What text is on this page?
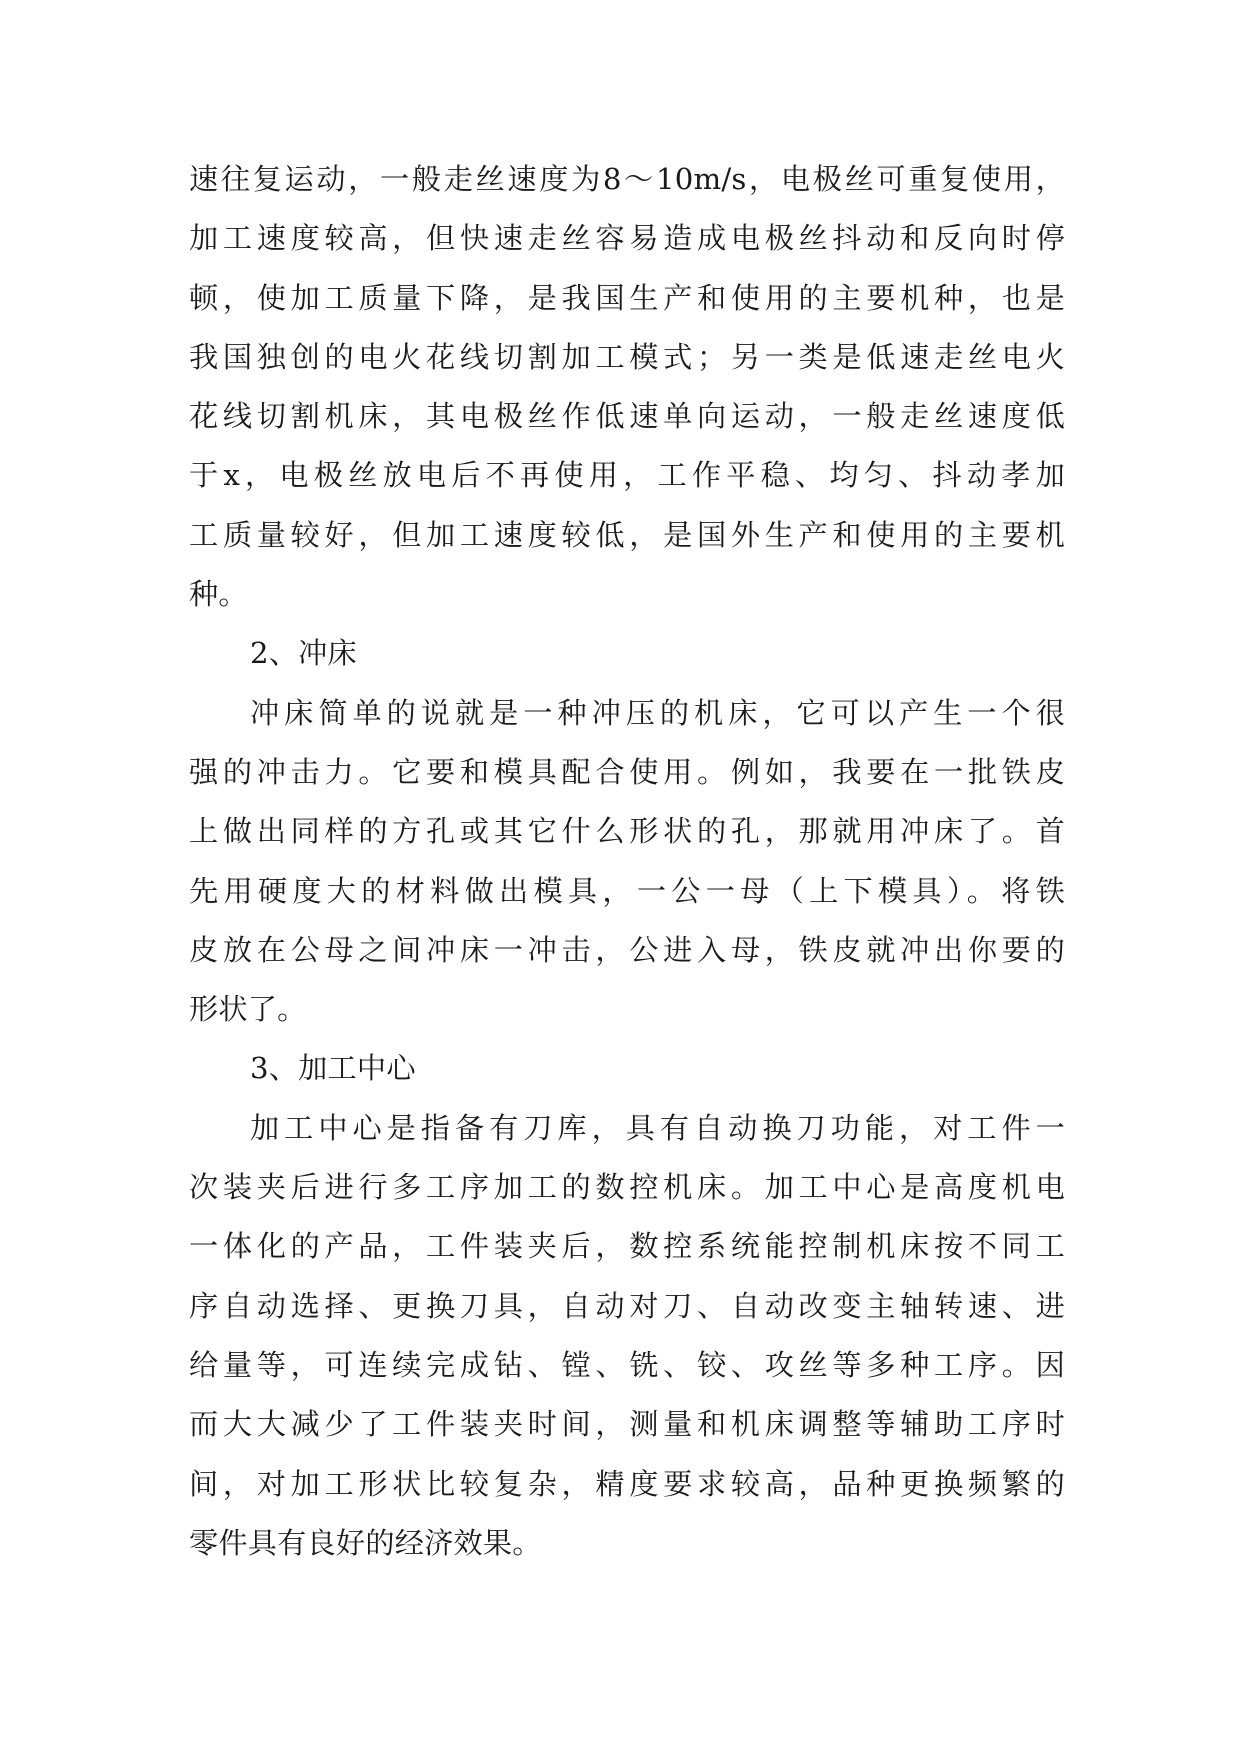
速往复运动，一般走丝速度为8～10m/s，电极丝可重复使用，
加工速度较高，但快速走丝容易造成电极丝抖动和反向时停
顿，使加工质量下降，是我国生产和使用的主要机种，也是
我国独创的电火花线切割加工模式；另一类是低速走丝电火
花线切割机床，其电极丝作低速单向运动，一般走丝速度低
于x，电极丝放电后不再使用，工作平稳、均匀、抖动孝加
工质量较好，但加工速度较低，是国外生产和使用的主要机
种。
2、冲床
冲床简单的说就是一种冲压的机床，它可以产生一个很
强的冲击力。它要和模具配合使用。例如，我要在一批铁皮
上做出同样的方孔或其它什么形状的孔，那就用冲床了。首
先用硬度大的材料做出模具，一公一母（上下模具）。将铁
皮放在公母之间冲床一冲击，公进入母，铁皮就冲出你要的
形状了。
3、加工中心
加工中心是指备有刀库，具有自动换刀功能，对工件一
次装夹后进行多工序加工的数控机床。加工中心是高度机电
一体化的产品，工件装夹后，数控系统能控制机床按不同工
序自动选择、更换刀具，自动对刀、自动改变主轴转速、进
给量等，可连续完成钻、镗、铣、铰、攻丝等多种工序。因
而大大减少了工件装夹时间，测量和机床调整等辅助工序时
间，对加工形状比较复杂，精度要求较高，品种更换频繁的
零件具有良好的经济效果。
